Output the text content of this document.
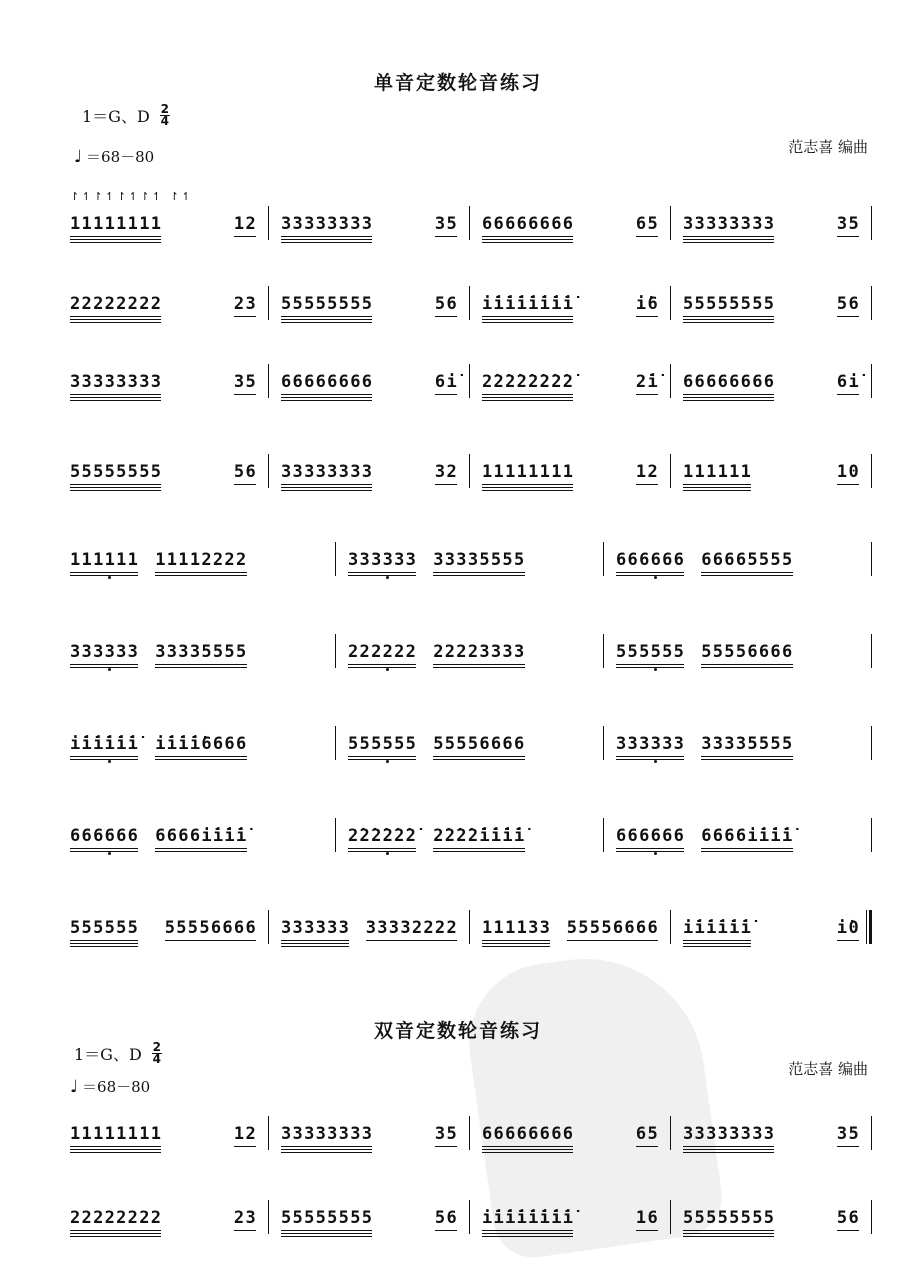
单音定数轮音练习
1＝G、D $\frac{2}{4}$
♩ ＝68－80
范志喜 编曲
11111111	12 33333333	35 66666666	65 33333333	35
↾↿↾↿↾↿↾↿ ↾↿
22222222	23 55555555	56 i̇i̇i̇i̇i̇i̇i̇i̇	i̇6 55555555	56
33333333	35 66666666	6i̇ 2̇2̇2̇2̇2̇2̇2̇2̇	2̇i̇ 66666666	6i̇
55555555	56 33333333	32 11111111	12 111111	10
111111 11112222	333333 33335555	666666 66665555
333333 33335555	222222 22223333	555555 55556666
i̇i̇i̇i̇i̇i̇ i̇i̇i̇i̇6666	555555 55556666	333333 33335555
666666 6666i̇i̇i̇i̇	2̇2̇2̇2̇2̇2̇ 2̇2̇2̇2̇i̇i̇i̇i̇	666666 6666i̇i̇i̇i̇
555555 55556666 333333 33332222 111133 55556666 i̇i̇i̇i̇i̇i̇	i̇0
双音定数轮音练习
1＝G、D $\frac{2}{4}$
♩ ＝68－80
范志喜 编曲
11111111	12 33333333	35 66666666	65 33333333	35
22222222	23 55555555	56 i̇i̇i̇i̇i̇i̇i̇i̇	16 55555555	56
